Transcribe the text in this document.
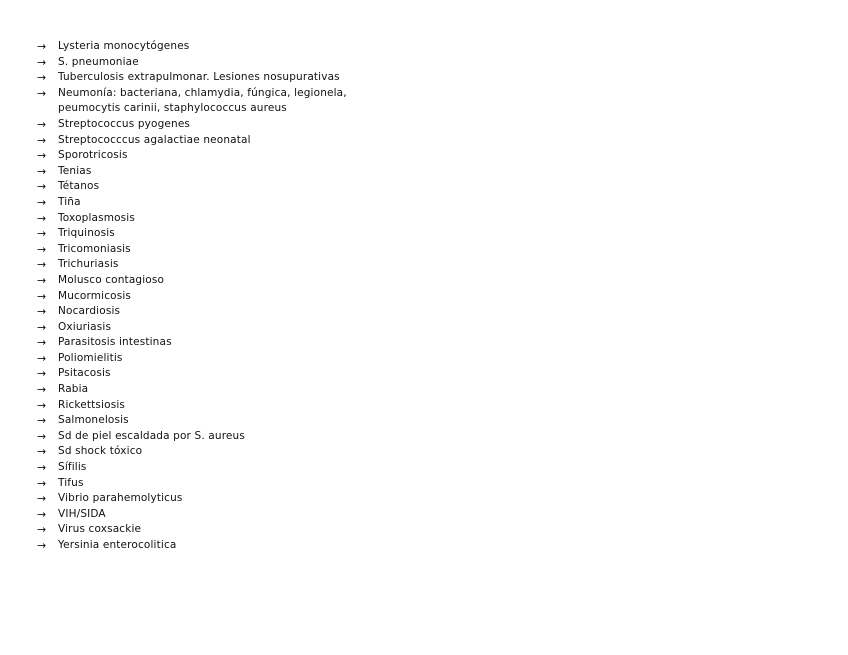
→	Lysteria monocytógenes
→	S. pneumoniae
→	Tuberculosis extrapulmonar. Lesiones nosupurativas
→	Neumonía: bacteriana, chlamydia, fúngica, legionela,
peumocytis carinii, staphylococcus aureus
→	Streptococcus pyogenes
→	Streptococccus agalactiae neonatal
→	Sporotricosis
→	Tenias
→	Tétanos
→	Tiña
→	Toxoplasmosis
→	Triquinosis
→	Tricomoniasis
→	Trichuriasis
→	Molusco contagioso
→	Mucormicosis
→	Nocardiosis
→	Oxiuriasis
→	Parasitosis intestinas
→	Poliomielitis
→	Psitacosis
→	Rabia
→	Rickettsiosis
→	Salmonelosis
→	Sd de piel escaldada por S. aureus
→	Sd shock tóxico
→	Sífilis
→	Tifus
→	Vibrio parahemolyticus
→	VIH/SIDA
→	Virus coxsackie
→	Yersinia enterocolitica
